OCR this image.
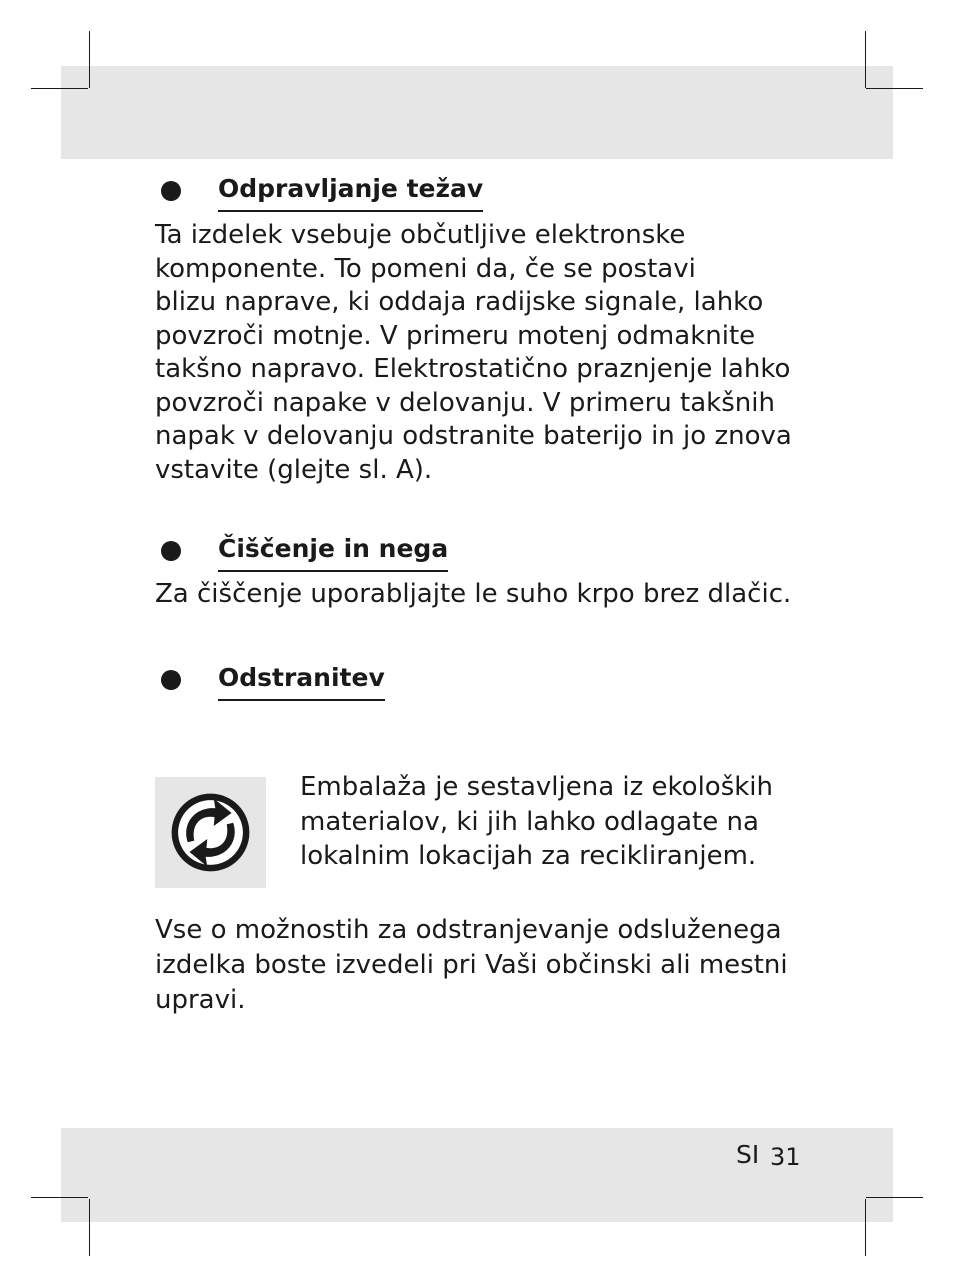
Odpravljanje težav

Ta izdelek vsebuje občutljive elektronske
komponente. To pomeni da, če se postavi
blizu naprave, ki oddaja radijske signale, lahko
povzroči motnje. V primeru motenj odmaknite
takšno napravo. Elektrostatično praznjenje lahko
povzroči napake v delovanju. V primeru takšnih
napak v delovanju odstranite baterijo in jo znova
vstavite (glejte sl. A).

Čiščenje in nega

Za čiščenje uporabljajte le suho krpo brez dlačic.

Odstranitev

Embalaža je sestavljena iz ekoloških
materialov, ki jih lahko odlagate na
lokalnim lokacijah za recikliranjem.

Vse o možnostih za odstranjevanje odsluženega
izdelka boste izvedeli pri Vaši občinski ali mestni
upravi.

SI 31
